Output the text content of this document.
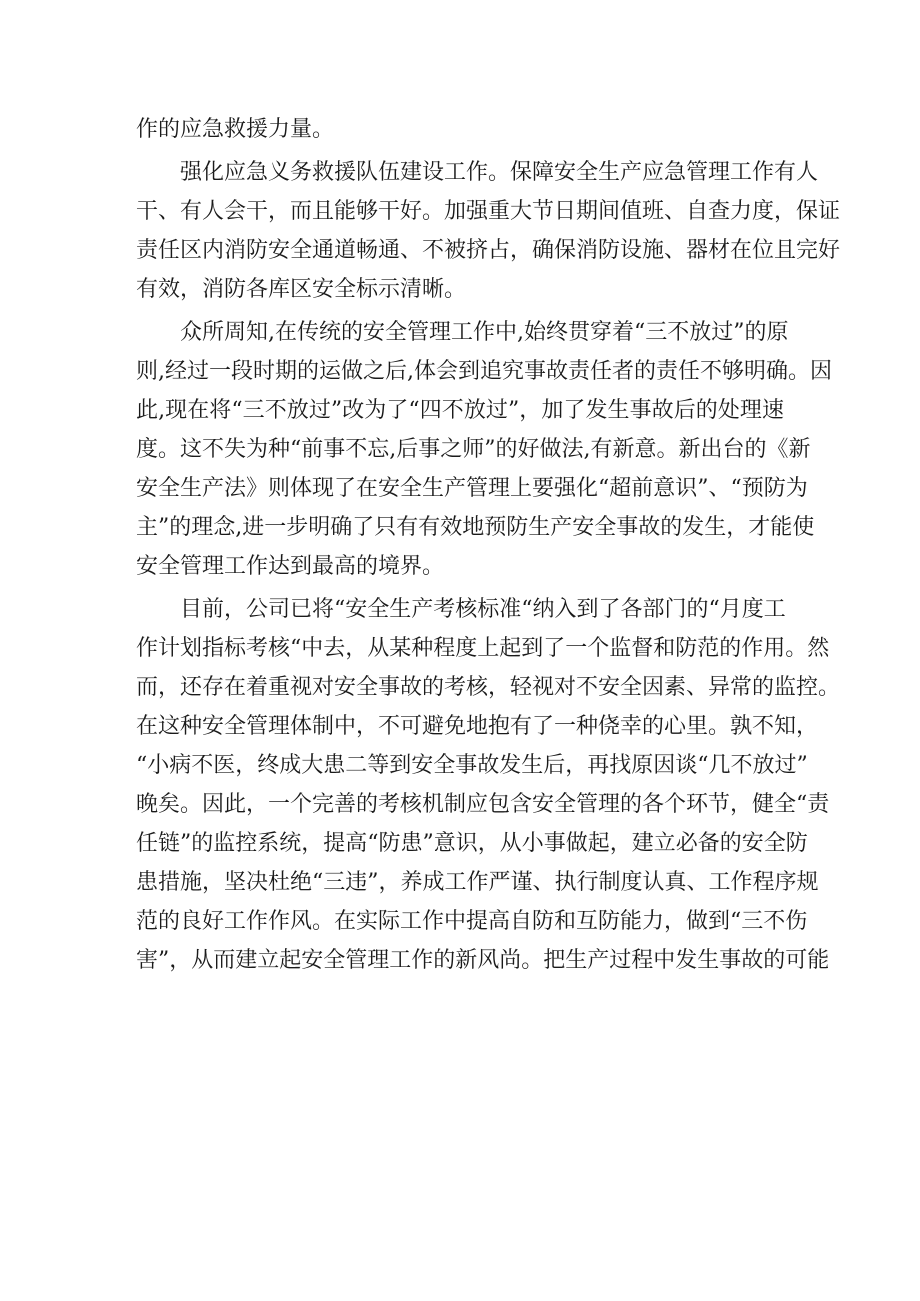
作的应急救援力量。
强化应急义务救援队伍建设工作。保障安全生产应急管理工作有人
干、有人会干，而且能够干好。加强重大节日期间值班、自查力度，保证
责任区内消防安全通道畅通、不被挤占，确保消防设施、器材在位且完好
有效，消防各库区安全标示清晰。
众所周知,在传统的安全管理工作中,始终贯穿着“三不放过”的原
则,经过一段时期的运做之后,体会到追究事故责任者的责任不够明确。因
此,现在将“三不放过”改为了“四不放过”，加了发生事故后的处理速
度。这不失为种“前事不忘,后事之师”的好做法,有新意。新出台的《新
安全生产法》则体现了在安全生产管理上要强化“超前意识”、“预防为
主”的理念,进一步明确了只有有效地预防生产安全事故的发生，才能使
安全管理工作达到最高的境界。
目前，公司已将“安全生产考核标准“纳入到了各部门的“月度工
作计划指标考核“中去，从某种程度上起到了一个监督和防范的作用。然
而，还存在着重视对安全事故的考核，轻视对不安全因素、异常的监控。
在这种安全管理体制中，不可避免地抱有了一种侥幸的心里。孰不知，
“小病不医，终成大患二等到安全事故发生后，再找原因谈“几不放过”
晚矣。因此，一个完善的考核机制应包含安全管理的各个环节，健全“责
任链”的监控系统，提高“防患”意识，从小事做起，建立必备的安全防
患措施，坚决杜绝“三违”，养成工作严谨、执行制度认真、工作程序规
范的良好工作作风。在实际工作中提高自防和互防能力，做到“三不伤
害”，从而建立起安全管理工作的新风尚。把生产过程中发生事故的可能
